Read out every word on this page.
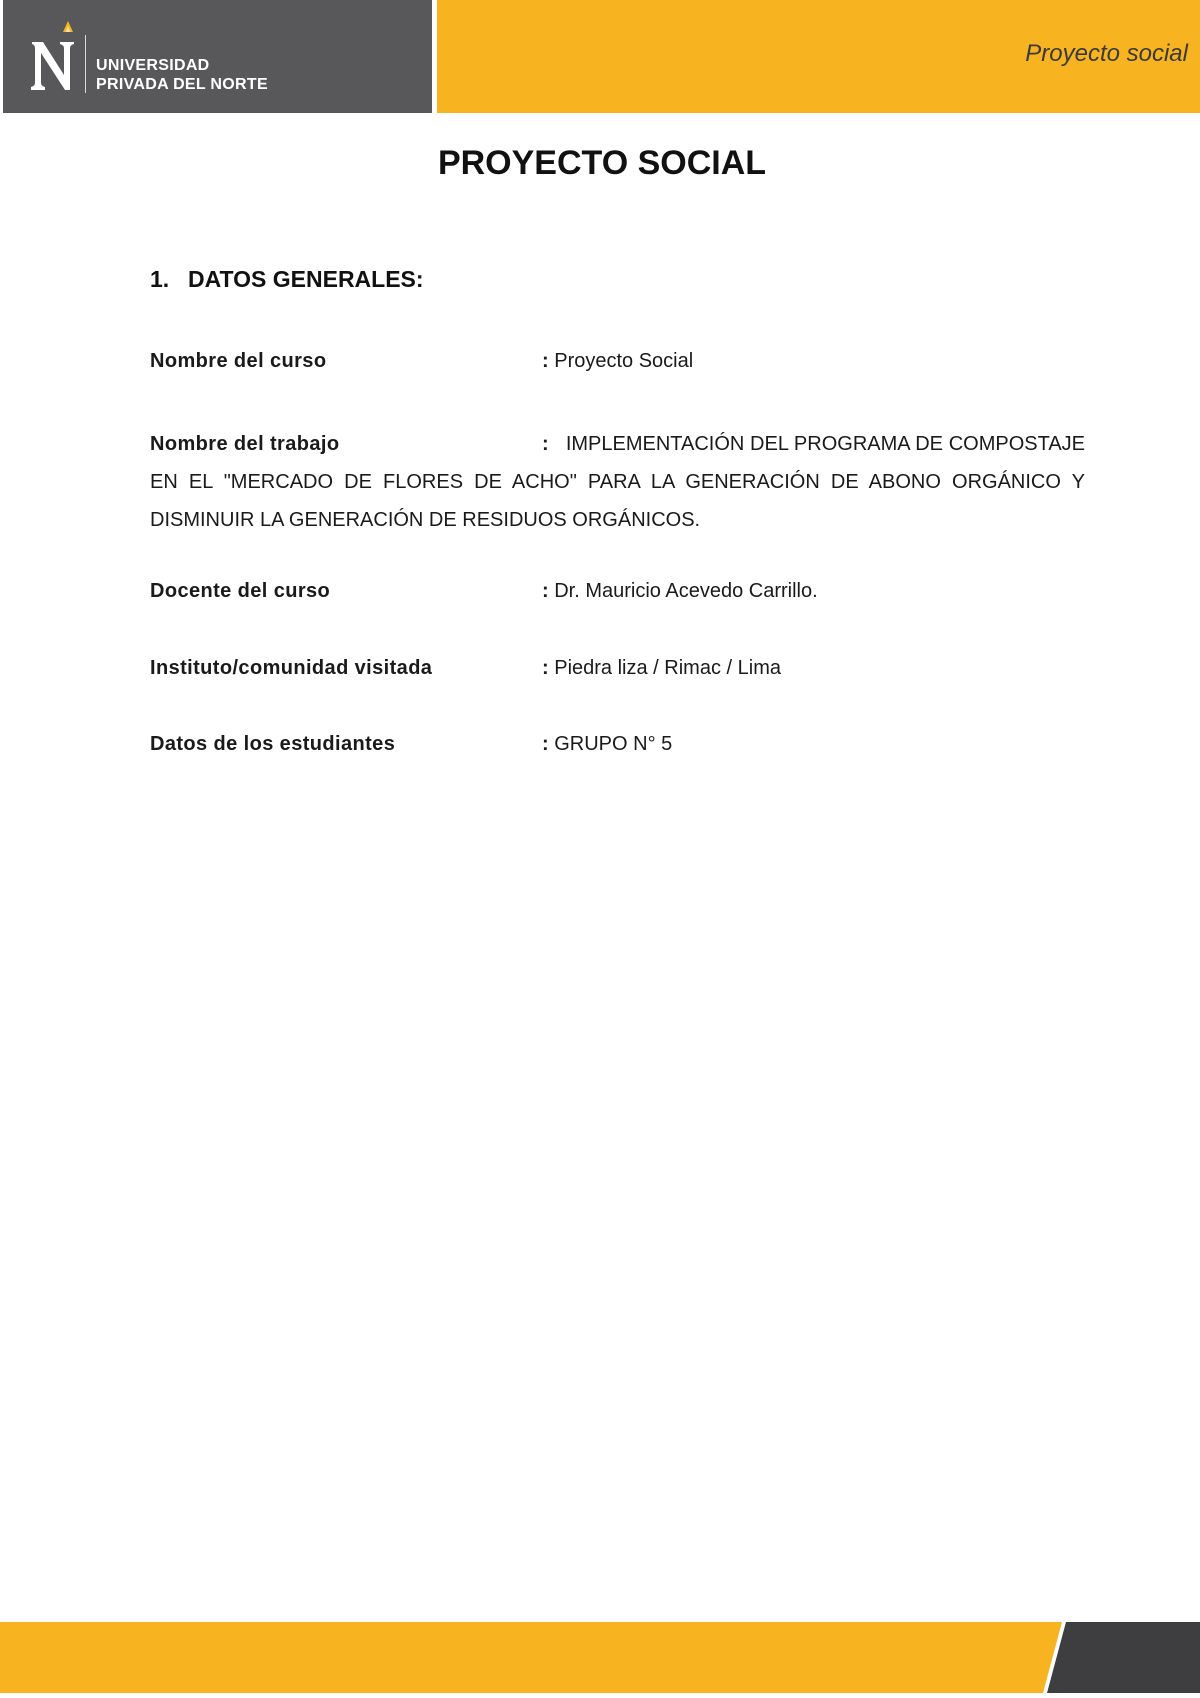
UNIVERSIDAD
PRIVADA DEL NORTE
Proyecto social
PROYECTO SOCIAL
1. DATOS GENERALES:
Nombre del curso	: Proyecto Social
Nombre del trabajo	: IMPLEMENTACIÓN DEL PROGRAMA DE COMPOSTAJE EN EL "MERCADO DE FLORES DE ACHO" PARA LA GENERACIÓN DE ABONO ORGÁNICO Y DISMINUIR LA GENERACIÓN DE RESIDUOS ORGÁNICOS.
Docente del curso	: Dr. Mauricio Acevedo Carrillo.
Instituto/comunidad visitada	: Piedra liza / Rimac / Lima
Datos de los estudiantes	: GRUPO N° 5
